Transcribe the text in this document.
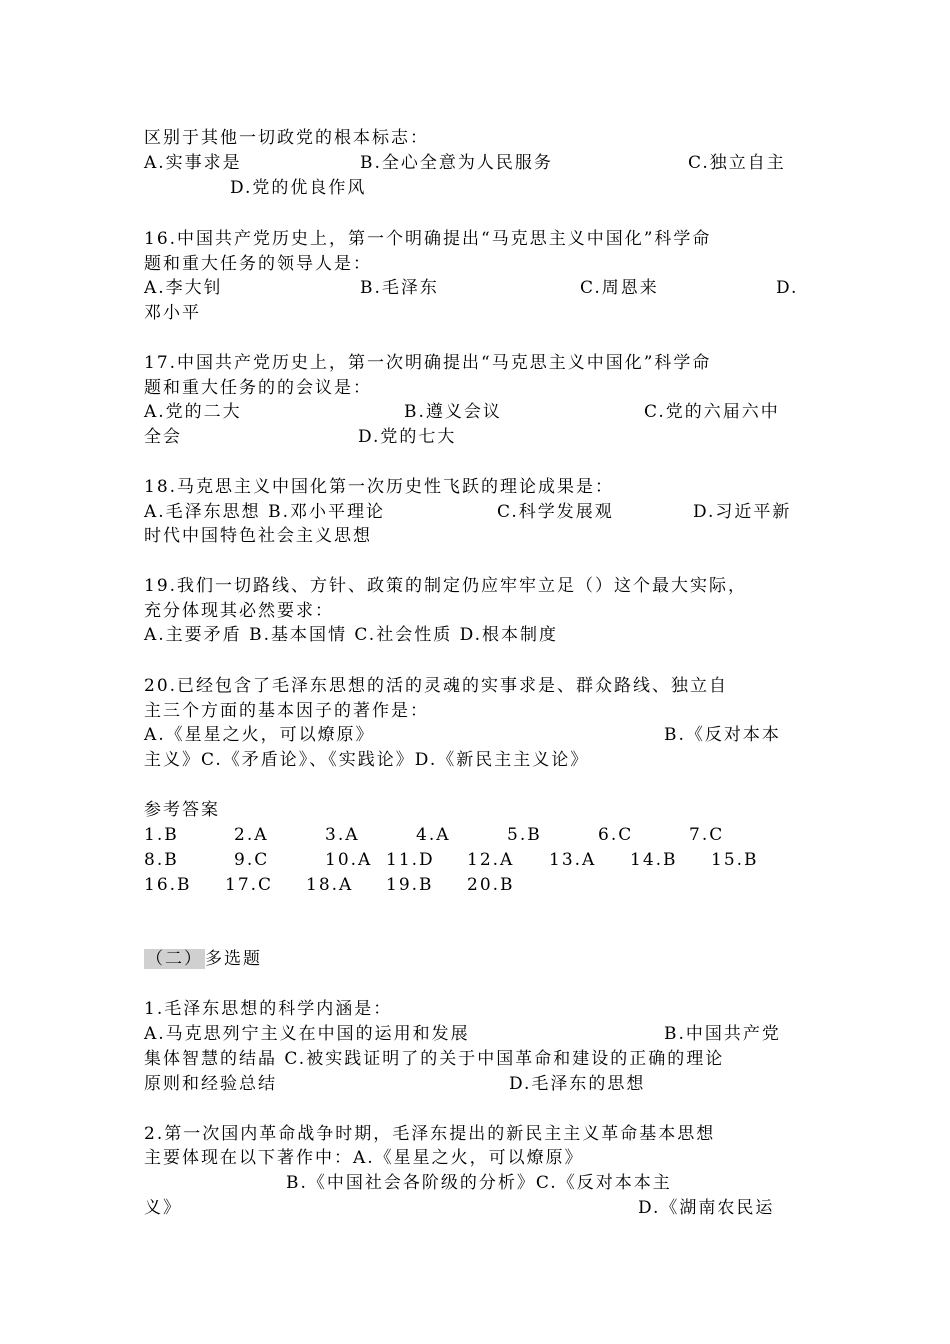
区别于其他一切政党的根本标志：
A.实事求是	B.全心全意为人民服务	C.独立自主
D.党的优良作风
16.中国共产党历史上，第一个明确提出“马克思主义中国化”科学命
题和重大任务的领导人是：
A.李大钊	B.毛泽东	C.周恩来	D.
邓小平
17.中国共产党历史上，第一次明确提出“马克思主义中国化”科学命
题和重大任务的的会议是：
A.党的二大	B.遵义会议	C.党的六届六中
全会	D.党的七大
18.马克思主义中国化第一次历史性飞跃的理论成果是：
A.毛泽东思想 B.邓小平理论	C.科学发展观	D.习近平新
时代中国特色社会主义思想
19.我们一切路线、方针、政策的制定仍应牢牢立足（）这个最大实际，
充分体现其必然要求：
A.主要矛盾 B.基本国情 C.社会性质 D.根本制度
20.已经包含了毛泽东思想的活的灵魂的实事求是、群众路线、独立自
主三个方面的基本因子的著作是：
A.《星星之火，可以燎原》	B.《反对本本
主义》C.《矛盾论》、《实践论》D.《新民主主义论》
参考答案
1.B	2.A	3.A	4.A	5.B	6.C	7.C
8.B	9.C	10.A 11.D 12.A 13.A 14.B 15.B
16.B 17.C 18.A 19.B 20.B
（二） 多选题
1.毛泽东思想的科学内涵是：
A.马克思列宁主义在中国的运用和发展	B.中国共产党
集体智慧的结晶 C.被实践证明了的关于中国革命和建设的正确的理论
原则和经验总结	D.毛泽东的思想
2.第一次国内革命战争时期，毛泽东提出的新民主主义革命基本思想
主要体现在以下著作中：A.《星星之火，可以燎原》
B.《中国社会各阶级的分析》C.《反对本本主
义》	D.《湖南农民运
